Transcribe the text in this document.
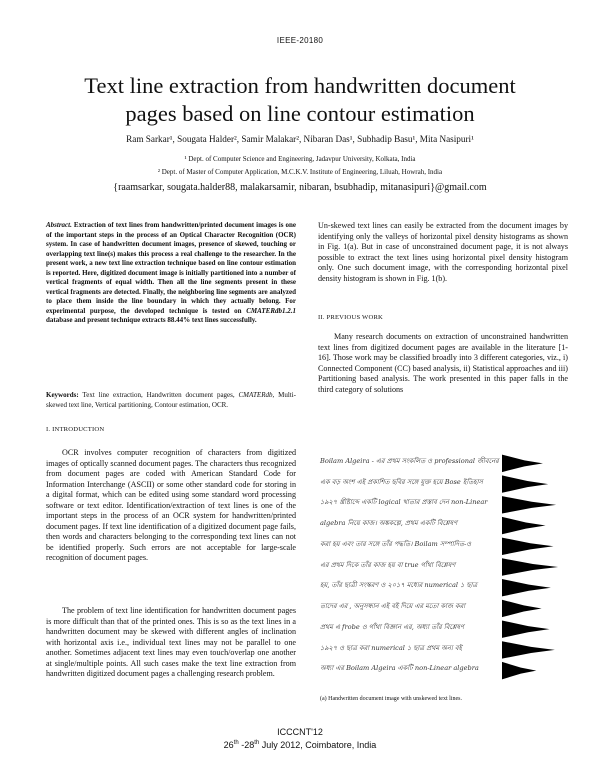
IEEE-20180
Text line extraction from handwritten document
pages based on line contour estimation
Ram Sarkar¹, Sougata Halder², Samir Malakar², Nibaran Das¹, Subhadip Basu¹, Mita Nasipuri¹
¹ Dept. of Computer Science and Engineering, Jadavpur University, Kolkata, India
² Dept. of Master of Computer Application, M.C.K.V. Institute of Engineering, Liluah, Howrah, India
{raamsarkar, sougata.halder88, malakarsamir, nibaran, bsubhadip, mitanasipuri}@gmail.com
Abstract. Extraction of text lines from handwritten/printed document images is one of the important steps in the process of an Optical Character Recognition (OCR) system. In case of handwritten document images, presence of skewed, touching or overlapping text line(s) makes this process a real challenge to the researcher. In the present work, a new text line extraction technique based on line contour estimation is reported. Here, digitized document image is initially partitioned into a number of vertical fragments of equal width. Then all the line segments present in these vertical fragments are detected. Finally, the neighboring line segments are analyzed to place them inside the line boundary in which they actually belong. For experimental purpose, the developed technique is tested on CMATERdb1.2.1 database and present technique extracts 88.44% text lines successfully.
Keywords: Text line extraction, Handwritten document pages, CMATERdb, Multi-skewed text line, Vertical partitioning, Contour estimation, OCR.
I. INTRODUCTION
OCR involves computer recognition of characters from digitized images of optically scanned document pages. The characters thus recognized from document pages are coded with American Standard Code for Information Interchange (ASCII) or some other standard code for storing in a digital format, which can be edited using some standard word processing software or text editor. Identification/extraction of text lines is one of the important steps in the process of an OCR system for handwritten/printed document pages. If text line identification of a digitized document page fails, then words and characters belonging to the corresponding text lines can not be identified properly. Such errors are not acceptable for large-scale recognition of document pages.
The problem of text line identification for handwritten document pages is more difficult than that of the printed ones. This is so as the text lines in a handwritten document may be skewed with different angles of inclination with horizontal axis i.e., individual text lines may not be parallel to one another. Sometimes adjacent text lines may even touch/overlap one another at single/multiple points. All such cases make the text line extraction from handwritten digitized document pages a challenging research problem.
Un-skewed text lines can easily be extracted from the document images by identifying only the valleys of horizontal pixel density histograms as shown in Fig. 1(a). But in case of unconstrained document page, it is not always possible to extract the text lines using horizontal pixel density histogram only. One such document image, with the corresponding horizontal pixel density histogram is shown in Fig. 1(b).
II. PREVIOUS WORK
Many research documents on extraction of unconstrained handwritten text lines from digitized document pages are available in the literature [1-16]. Those work may be classified broadly into 3 different categories, viz., i) Connected Component (CC) based analysis, ii) Statistical approaches and iii) Partitioning based analysis. The work presented in this paper falls in the third category of solutions
Boilam Algeira - এর প্রথম সংকলিত ও professional জীবনের
এক বড় অংশ এই প্রকাশিত ছবির সঙ্গে যুক্ত হয়ে Bose ইতিহাস
১৯২৭ খ্রীষ্টাব্দে একটি logical খাতার প্রস্তাব দেন non-Linear
algebra নিয়ে কাজ। অঙ্ককল্পে, প্রথম একটি বিশ্লেষণ
করা হয় এবং তার সঙ্গে তাঁর পদ্ধতি। Boilam সম্পাদিত-ও
এর প্রথম দিকে তাঁর কাজ হয় বা true গাঁথা বিশ্লেষণ
হয়, তাঁর ছাত্রী সংস্করণ ও ২০১৭ মধ্যের numerical ১ ছাত্র
তাদের এর , অনুসন্ধান এই বই দিয়ে এর মতো কাজ করা
প্রথম এ frobe ও গাঁথা বিজ্ঞান এর, অধ্যা তাঁর বিশ্লেষণ
১৯২৭ ও ছাত্র করা numerical ১ ছাত্র প্রথম অন্য বই
অধ্যা এর Boilam Algeira একটি non-Linear algebra
(a) Handwritten document image with unskewed text lines.
ICCCNT'12
26th -28th July 2012, Coimbatore, India
